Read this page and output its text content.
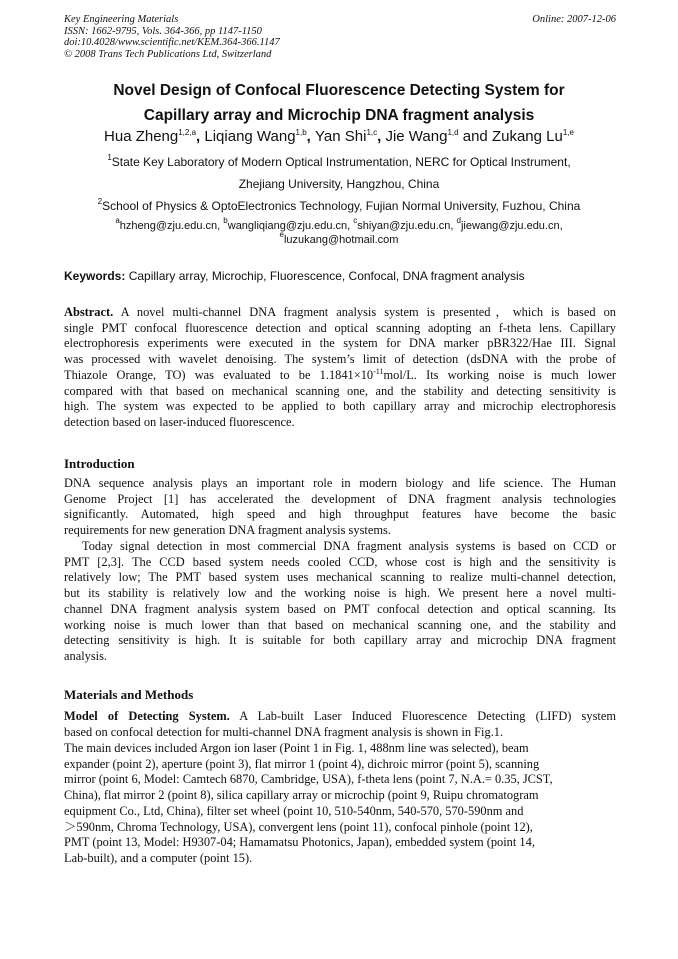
Key Engineering Materials
ISSN: 1662-9795, Vols. 364-366, pp 1147-1150
doi:10.4028/www.scientific.net/KEM.364-366.1147
© 2008 Trans Tech Publications Ltd, Switzerland
Online: 2007-12-06
Novel Design of Confocal Fluorescence Detecting System for
Capillary array and Microchip DNA fragment analysis
Hua Zheng$^{1,2,a}$, Liqiang Wang$^{1,b}$, Yan Shi$^{1,c}$, Jie Wang$^{1,d}$ and Zukang Lu$^{1,e}$
$^1$State Key Laboratory of Modern Optical Instrumentation, NERC for Optical Instrument,
Zhejiang University, Hangzhou, China
$^2$School of Physics & OptoElectronics Technology, Fujian Normal University, Fuzhou, China
$^a$hzheng@zju.edu.cn, $^b$wangliqiang@zju.edu.cn, $^c$shiyan@zju.edu.cn, $^d$jiewang@zju.edu.cn,
$^e$luzukang@hotmail.com
Keywords: Capillary array, Microchip, Fluorescence, Confocal, DNA fragment analysis
Abstract. A novel multi-channel DNA fragment analysis system is presented，which is based on
single PMT confocal fluorescence detection and optical scanning adopting an f-theta lens. Capillary
electrophoresis experiments were executed in the system for DNA marker pBR322/Hae III. Signal
was processed with wavelet denoising. The system’s limit of detection (dsDNA with the probe of
Thiazole Orange, TO) was evaluated to be $1.1841\times 10^{-11}mol/L$. Its working noise is much lower
compared with that based on mechanical scanning one, and the stability and detecting sensitivity is
high. The system was expected to be applied to both capillary array and microchip electrophoresis
detection based on laser-induced fluorescence.
Introduction
DNA sequence analysis plays an important role in modern biology and life science. The Human
Genome Project [1] has accelerated the development of DNA fragment analysis technologies
significantly. Automated, high speed and high throughput features have become the basic
requirements for new generation DNA fragment analysis systems.
Today signal detection in most commercial DNA fragment analysis systems is based on CCD or
PMT [2,3]. The CCD based system needs cooled CCD, whose cost is high and the sensitivity is
relatively low; The PMT based system uses mechanical scanning to realize multi-channel detection,
but its stability is relatively low and the working noise is high. We present here a novel multi-
channel DNA fragment analysis system based on PMT confocal detection and optical scanning. Its
working noise is much lower than that based on mechanical scanning one, and the stability and
detecting sensitivity is high. It is suitable for both capillary array and microchip DNA fragment
analysis.
Materials and Methods
Model of Detecting System. A Lab-built Laser Induced Fluorescence Detecting (LIFD) system
based on confocal detection for multi-channel DNA fragment analysis is shown in Fig.1.
The main devices included Argon ion laser (Point 1 in Fig. 1, 488nm line was selected), beam
expander (point 2), aperture (point 3), flat mirror 1 (point 4), dichroic mirror (point 5), scanning
mirror (point 6, Model: Camtech 6870, Cambridge, USA), f-theta lens (point 7, N.A.= 0.35, JCST,
China), flat mirror 2 (point 8), silica capillary array or microchip (point 9, Ruipu chromatogram
equipment Co., Ltd, China), filter set wheel (point 10, 510-540nm, 540-570, 570-590nm and
＞590nm, Chroma Technology, USA), convergent lens (point 11), confocal pinhole (point 12),
PMT (point 13, Model: H9307-04; Hamamatsu Photonics, Japan), embedded system (point 14,
Lab-built), and a computer (point 15).
